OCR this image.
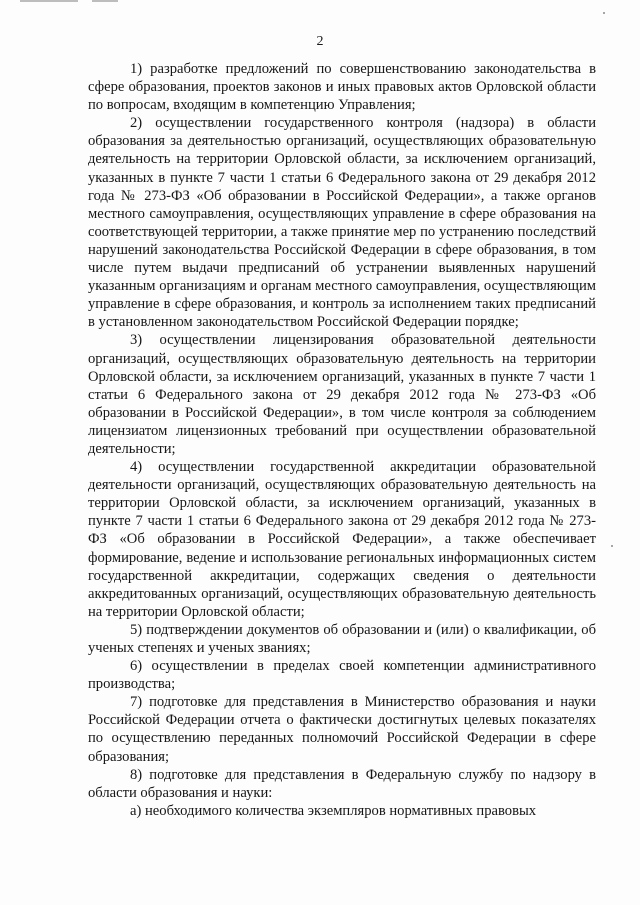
2

1) разработке предложений по совершенствованию законодательства в сфере образования, проектов законов и иных правовых актов Орловской области по вопросам, входящим в компетенцию Управления;

2) осуществлении государственного контроля (надзора) в области образования за деятельностью организаций, осуществляющих образовательную деятельность на территории Орловской области, за исключением организаций, указанных в пункте 7 части 1 статьи 6 Федерального закона от 29 декабря 2012 года № 273-ФЗ «Об образовании в Российской Федерации», а также органов местного самоуправления, осуществляющих управление в сфере образования на соответствующей территории, а также принятие мер по устранению последствий нарушений законодательства Российской Федерации в сфере образования, в том числе путем выдачи предписаний об устранении выявленных нарушений указанным организациям и органам местного самоуправления, осуществляющим управление в сфере образования, и контроль за исполнением таких предписаний в установленном законодательством Российской Федерации порядке;

3) осуществлении лицензирования образовательной деятельности организаций, осуществляющих образовательную деятельность на территории Орловской области, за исключением организаций, указанных в пункте 7 части 1 статьи 6 Федерального закона от 29 декабря 2012 года № 273-ФЗ «Об образовании в Российской Федерации», в том числе контроля за соблюдением лицензиатом лицензионных требований при осуществлении образовательной деятельности;

4) осуществлении государственной аккредитации образовательной деятельности организаций, осуществляющих образовательную деятельность на территории Орловской области, за исключением организаций, указанных в пункте 7 части 1 статьи 6 Федерального закона от 29 декабря 2012 года № 273-ФЗ «Об образовании в Российской Федерации», а также обеспечивает формирование, ведение и использование региональных информационных систем государственной аккредитации, содержащих сведения о деятельности аккредитованных организаций, осуществляющих образовательную деятельность на территории Орловской области;

5) подтверждении документов об образовании и (или) о квалификации, об ученых степенях и ученых званиях;

6) осуществлении в пределах своей компетенции административного производства;

7) подготовке для представления в Министерство образования и науки Российской Федерации отчета о фактически достигнутых целевых показателях по осуществлению переданных полномочий Российской Федерации в сфере образования;

8) подготовке для представления в Федеральную службу по надзору в области образования и науки:

а) необходимого количества экземпляров нормативных правовых
